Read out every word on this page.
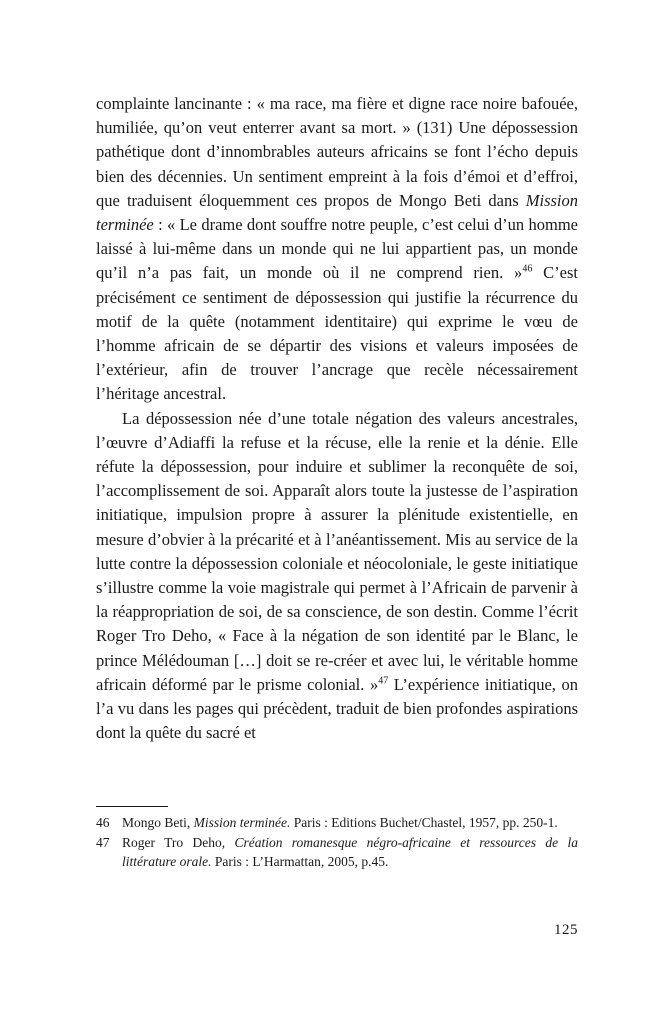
complainte lancinante : « ma race, ma fière et digne race noire bafouée, humiliée, qu’on veut enterrer avant sa mort. » (131) Une dépossession pathétique dont d’innombrables auteurs africains se font l’écho depuis bien des décennies. Un sentiment empreint à la fois d’émoi et d’effroi, que traduisent éloquemment ces propos de Mongo Beti dans Mission terminée : « Le drame dont souffre notre peuple, c’est celui d’un homme laissé à lui-même dans un monde qui ne lui appartient pas, un monde qu’il n’a pas fait, un monde où il ne comprend rien. »$^{46}$ C’est précisément ce sentiment de dépossession qui justifie la récurrence du motif de la quête (notamment identitaire) qui exprime le vœu de l’homme africain de se départir des visions et valeurs imposées de l’extérieur, afin de trouver l’ancrage que recèle nécessairement l’héritage ancestral.

La dépossession née d’une totale négation des valeurs ancestrales, l’œuvre d’Adiaffi la refuse et la récuse, elle la renie et la dénie. Elle réfute la dépossession, pour induire et sublimer la reconquête de soi, l’accomplissement de soi. Apparaît alors toute la justesse de l’aspiration initiatique, impulsion propre à assurer la plénitude existentielle, en mesure d’obvier à la précarité et à l’anéantissement. Mis au service de la lutte contre la dépossession coloniale et néocoloniale, le geste initiatique s’illustre comme la voie magistrale qui permet à l’Africain de parvenir à la réappropriation de soi, de sa conscience, de son destin. Comme l’écrit Roger Tro Deho, « Face à la négation de son identité par le Blanc, le prince Mélédouman […] doit se re-créer et avec lui, le véritable homme africain déformé par le prisme colonial. »$^{47}$ L’expérience initiatique, on l’a vu dans les pages qui précèdent, traduit de bien profondes aspirations dont la quête du sacré et

46 Mongo Beti, Mission terminée. Paris : Editions Buchet/Chastel, 1957, pp. 250-1.
47 Roger Tro Deho, Création romanesque négro-africaine et ressources de la littérature orale. Paris : L’Harmattan, 2005, p.45.
125
